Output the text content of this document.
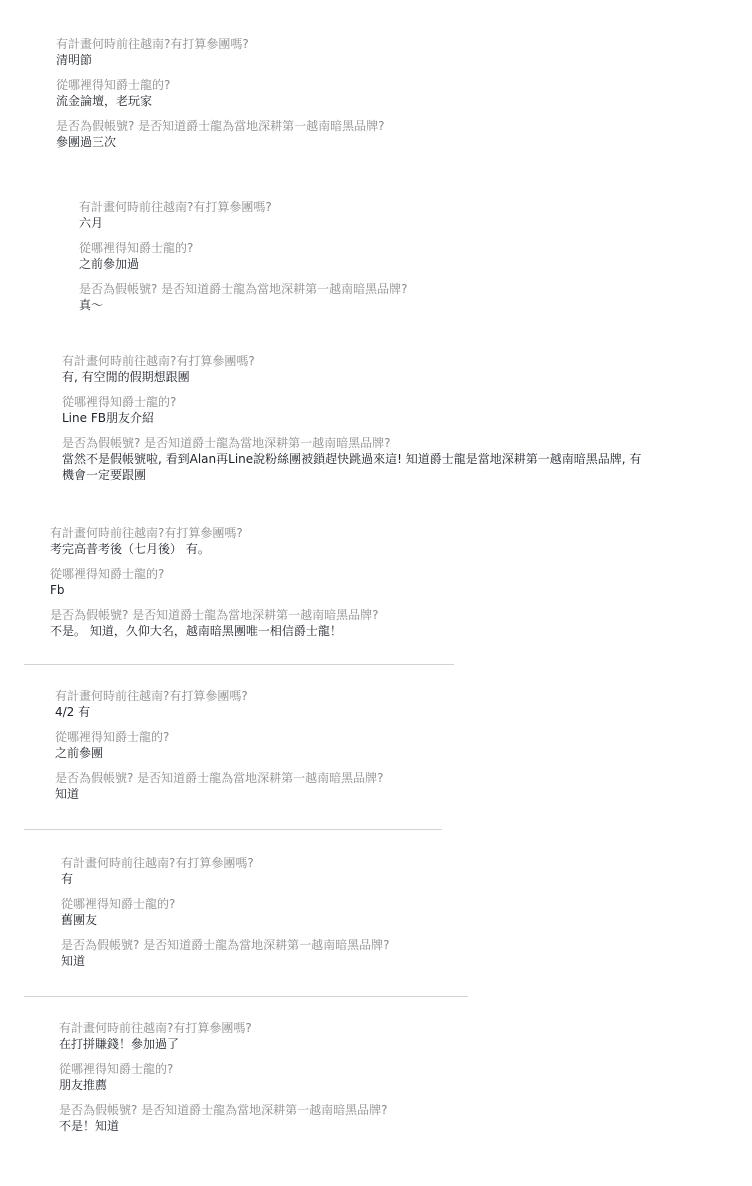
有計畫何時前往越南?有打算參團嗎?
清明節
從哪裡得知爵士龍的?
流金論壇，老玩家
是否為假帳號? 是否知道爵士龍為當地深耕第一越南暗黑品牌?
參團過三次
有計畫何時前往越南?有打算參團嗎?
六月
從哪裡得知爵士龍的?
之前參加過
是否為假帳號? 是否知道爵士龍為當地深耕第一越南暗黑品牌?
真～
有計畫何時前往越南?有打算參團嗎?
有, 有空閒的假期想跟團
從哪裡得知爵士龍的?
Line FB朋友介紹
是否為假帳號? 是否知道爵士龍為當地深耕第一越南暗黑品牌?
當然不是假帳號啦, 看到Alan再Line說粉絲團被鎖趕快跳過來這! 知道爵士龍是當地深耕第一越南暗黑品牌, 有機會一定要跟團
有計畫何時前往越南?有打算參團嗎?
考完高普考後（七月後） 有。
從哪裡得知爵士龍的?
Fb
是否為假帳號? 是否知道爵士龍為當地深耕第一越南暗黑品牌?
不是。 知道，久仰大名，越南暗黑團唯一相信爵士龍！
有計畫何時前往越南?有打算參團嗎?
4/2 有
從哪裡得知爵士龍的?
之前參團
是否為假帳號? 是否知道爵士龍為當地深耕第一越南暗黑品牌?
知道
有計畫何時前往越南?有打算參團嗎?
有
從哪裡得知爵士龍的?
舊團友
是否為假帳號? 是否知道爵士龍為當地深耕第一越南暗黑品牌?
知道
有計畫何時前往越南?有打算參團嗎?
在打拼賺錢！參加過了
從哪裡得知爵士龍的?
朋友推薦
是否為假帳號? 是否知道爵士龍為當地深耕第一越南暗黑品牌?
不是！知道
